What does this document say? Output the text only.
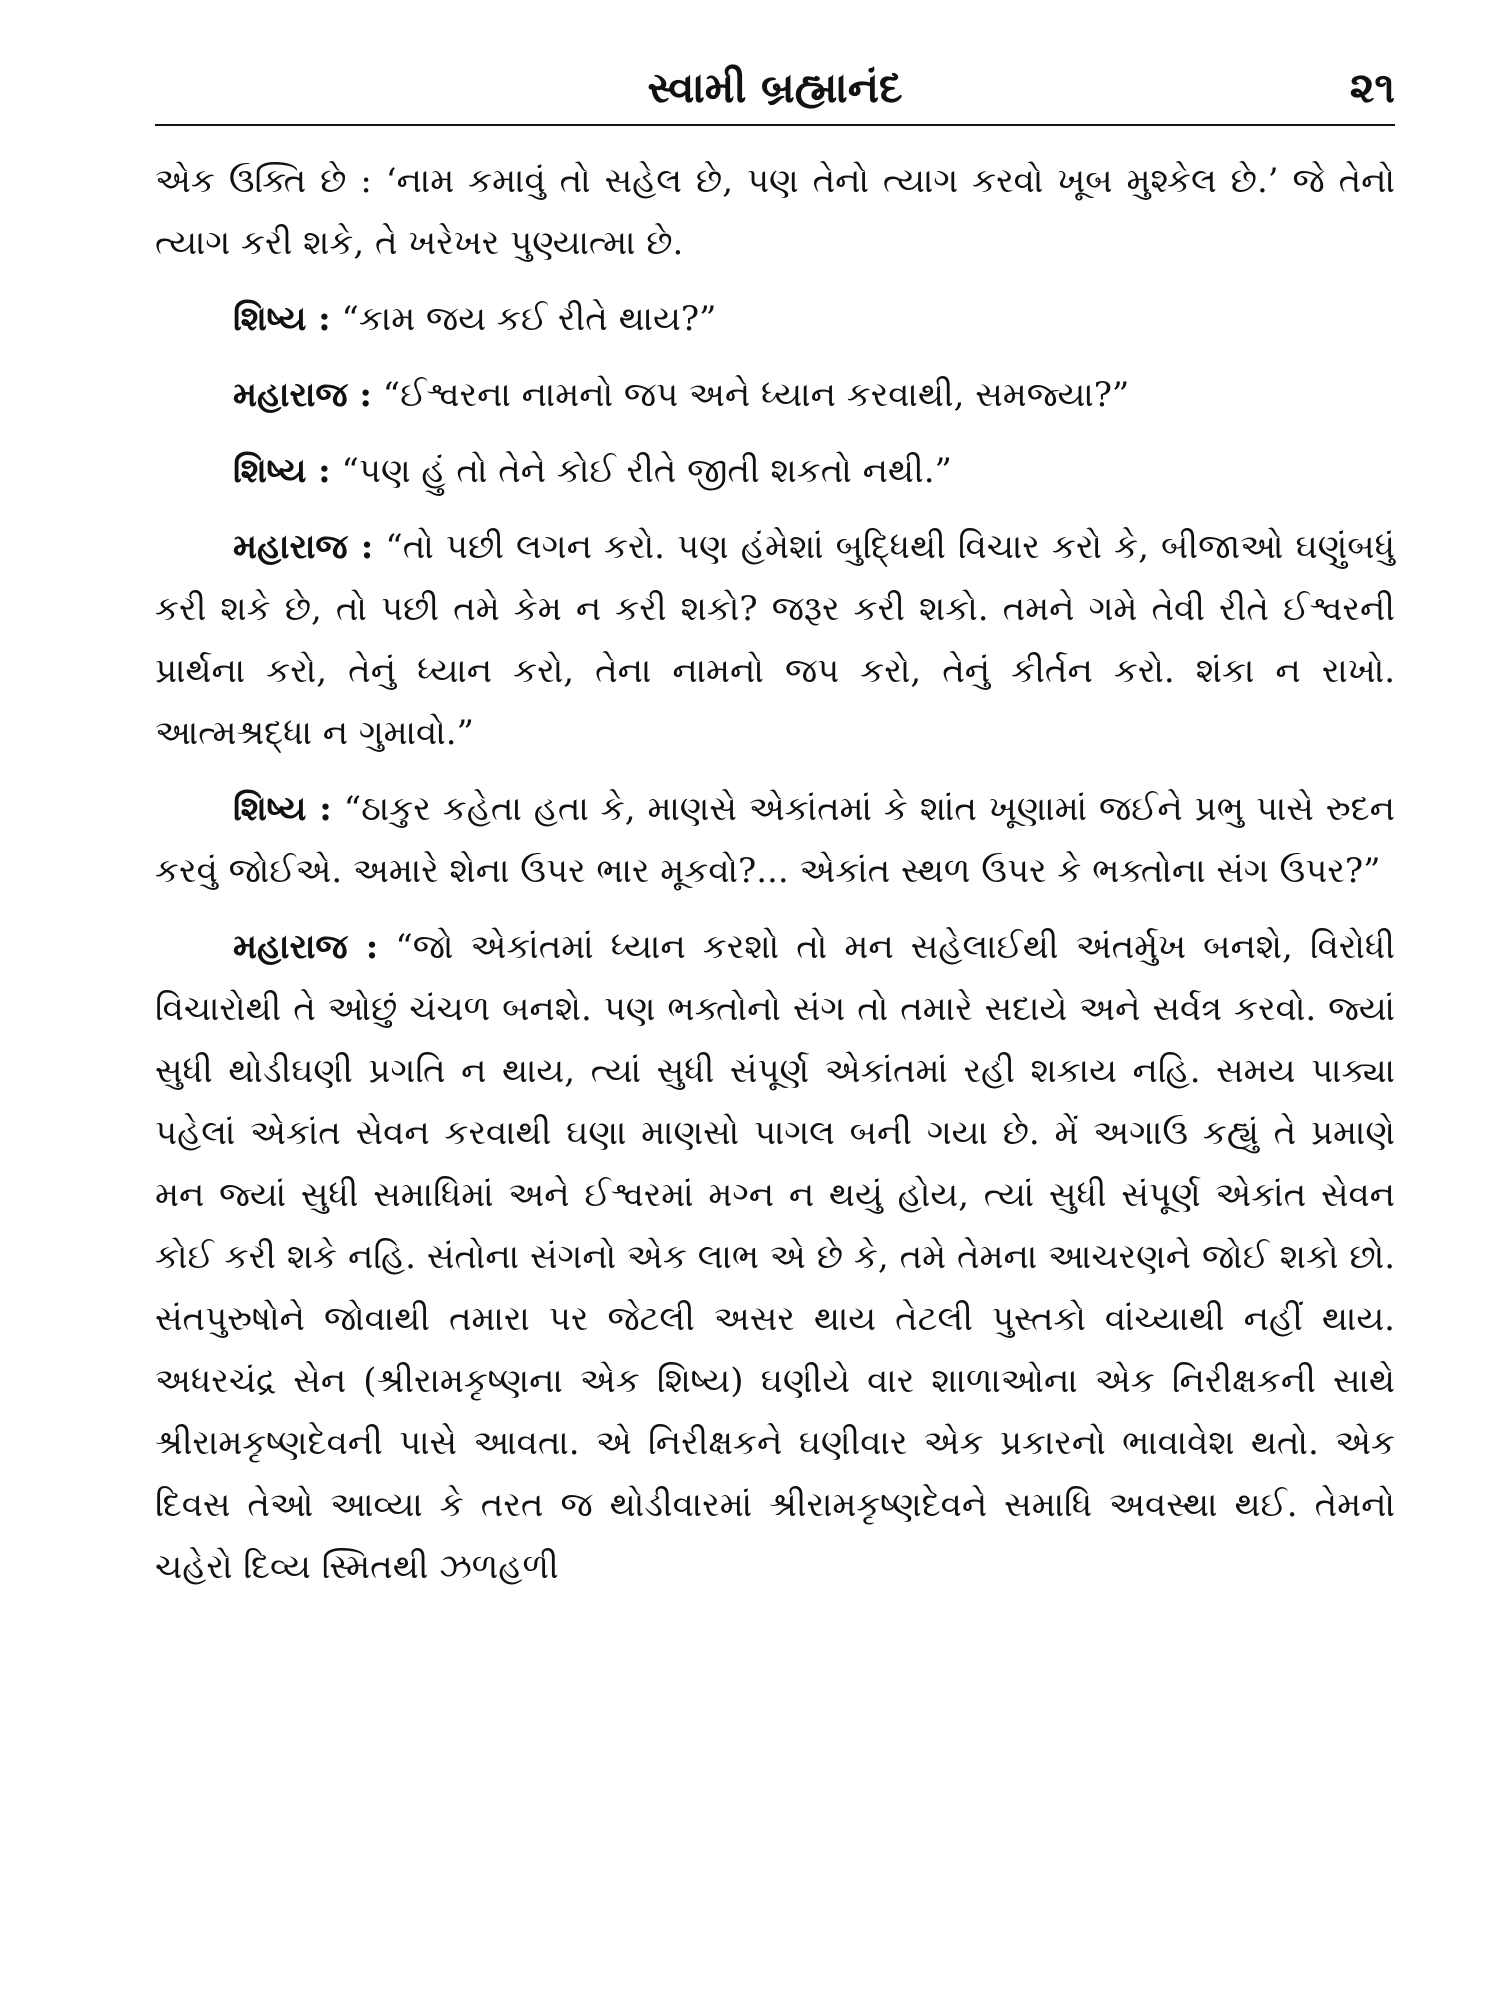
સ્વામી બ્રહ્માનંદ	૨૧

એક ઉક્તિ છે : ‘નામ કમાવું તો સહેલ છે, પણ તેનો ત્યાગ કરવો ખૂબ મુશ્કેલ છે.’ જે તેનો ત્યાગ કરી શકે, તે ખરેખર પુણ્યાત્મા છે.

શિષ્ય : “કામ જય કઈ રીતે થાય?”

મહારાજ : “ઈશ્વરના નામનો જપ અને ધ્યાન કરવાથી, સમજ્યા?”

શિષ્ય : “પણ હું તો તેને કોઈ રીતે જીતી શકતો નથી.”

મહારાજ : “તો પછી લગન કરો. પણ હંમેશાં બુદ્ધિથી વિચાર કરો કે, બીજાઓ ઘણુંબધું કરી શકે છે, તો પછી તમે કેમ ન કરી શકો? જરૂર કરી શકો. તમને ગમે તેવી રીતે ઈશ્વરની પ્રાર્થના કરો, તેનું ધ્યાન કરો, તેના નામનો જપ કરો, તેનું કીર્તન કરો. શંકા ન રાખો. આત્મશ્રદ્ધા ન ગુમાવો.”

શિષ્ય : “ઠાકુર કહેતા હતા કે, માણસે એકાંતમાં કે શાંત ખૂણામાં જઈને પ્રભુ પાસે રુદન કરવું જોઈએ. અમારે શેના ઉપર ભાર મૂકવો?... એકાંત સ્થળ ઉપર કે ભક્તોના સંગ ઉપર?”

મહારાજ : “જો એકાંતમાં ધ્યાન કરશો તો મન સહેલાઈથી અંતર્મુખ બનશે, વિરોધી વિચારોથી તે ઓછું ચંચળ બનશે. પણ ભક્તોનો સંગ તો તમારે સદાયે અને સર્વત્ર કરવો. જ્યાં સુધી થોડીઘણી પ્રગતિ ન થાય, ત્યાં સુધી સંપૂર્ણ એકાંતમાં રહી શકાય નહિ. સમય પાક્યા પહેલાં એકાંત સેવન કરવાથી ઘણા માણસો પાગલ બની ગયા છે. મેં અગાઉ કહ્યું તે પ્રમાણે મન જ્યાં સુધી સમાધિમાં અને ઈશ્વરમાં મગ્ન ન થયું હોય, ત્યાં સુધી સંપૂર્ણ એકાંત સેવન કોઈ કરી શકે નહિ. સંતોના સંગનો એક લાભ એ છે કે, તમે તેમના આચરણને જોઈ શકો છો. સંતપુરુષોને જોવાથી તમારા પર જેટલી અસર થાય તેટલી પુસ્તકો વાંચ્યાથી નહીં થાય. અધરચંદ્ર સેન (શ્રીરામકૃષ્ણના એક શિષ્ય) ઘણીયે વાર શાળાઓના એક નિરીક્ષકની સાથે શ્રીરામકૃષ્ણદેવની પાસે આવતા. એ નિરીક્ષકને ઘણીવાર એક પ્રકારનો ભાવાવેશ થતો. એક દિવસ તેઓ આવ્યા કે તરત જ થોડીવારમાં શ્રીરામકૃષ્ણદેવને સમાધિ અવસ્થા થઈ. તેમનો ચહેરો દિવ્ય સ્મિતથી ઝળહળી
